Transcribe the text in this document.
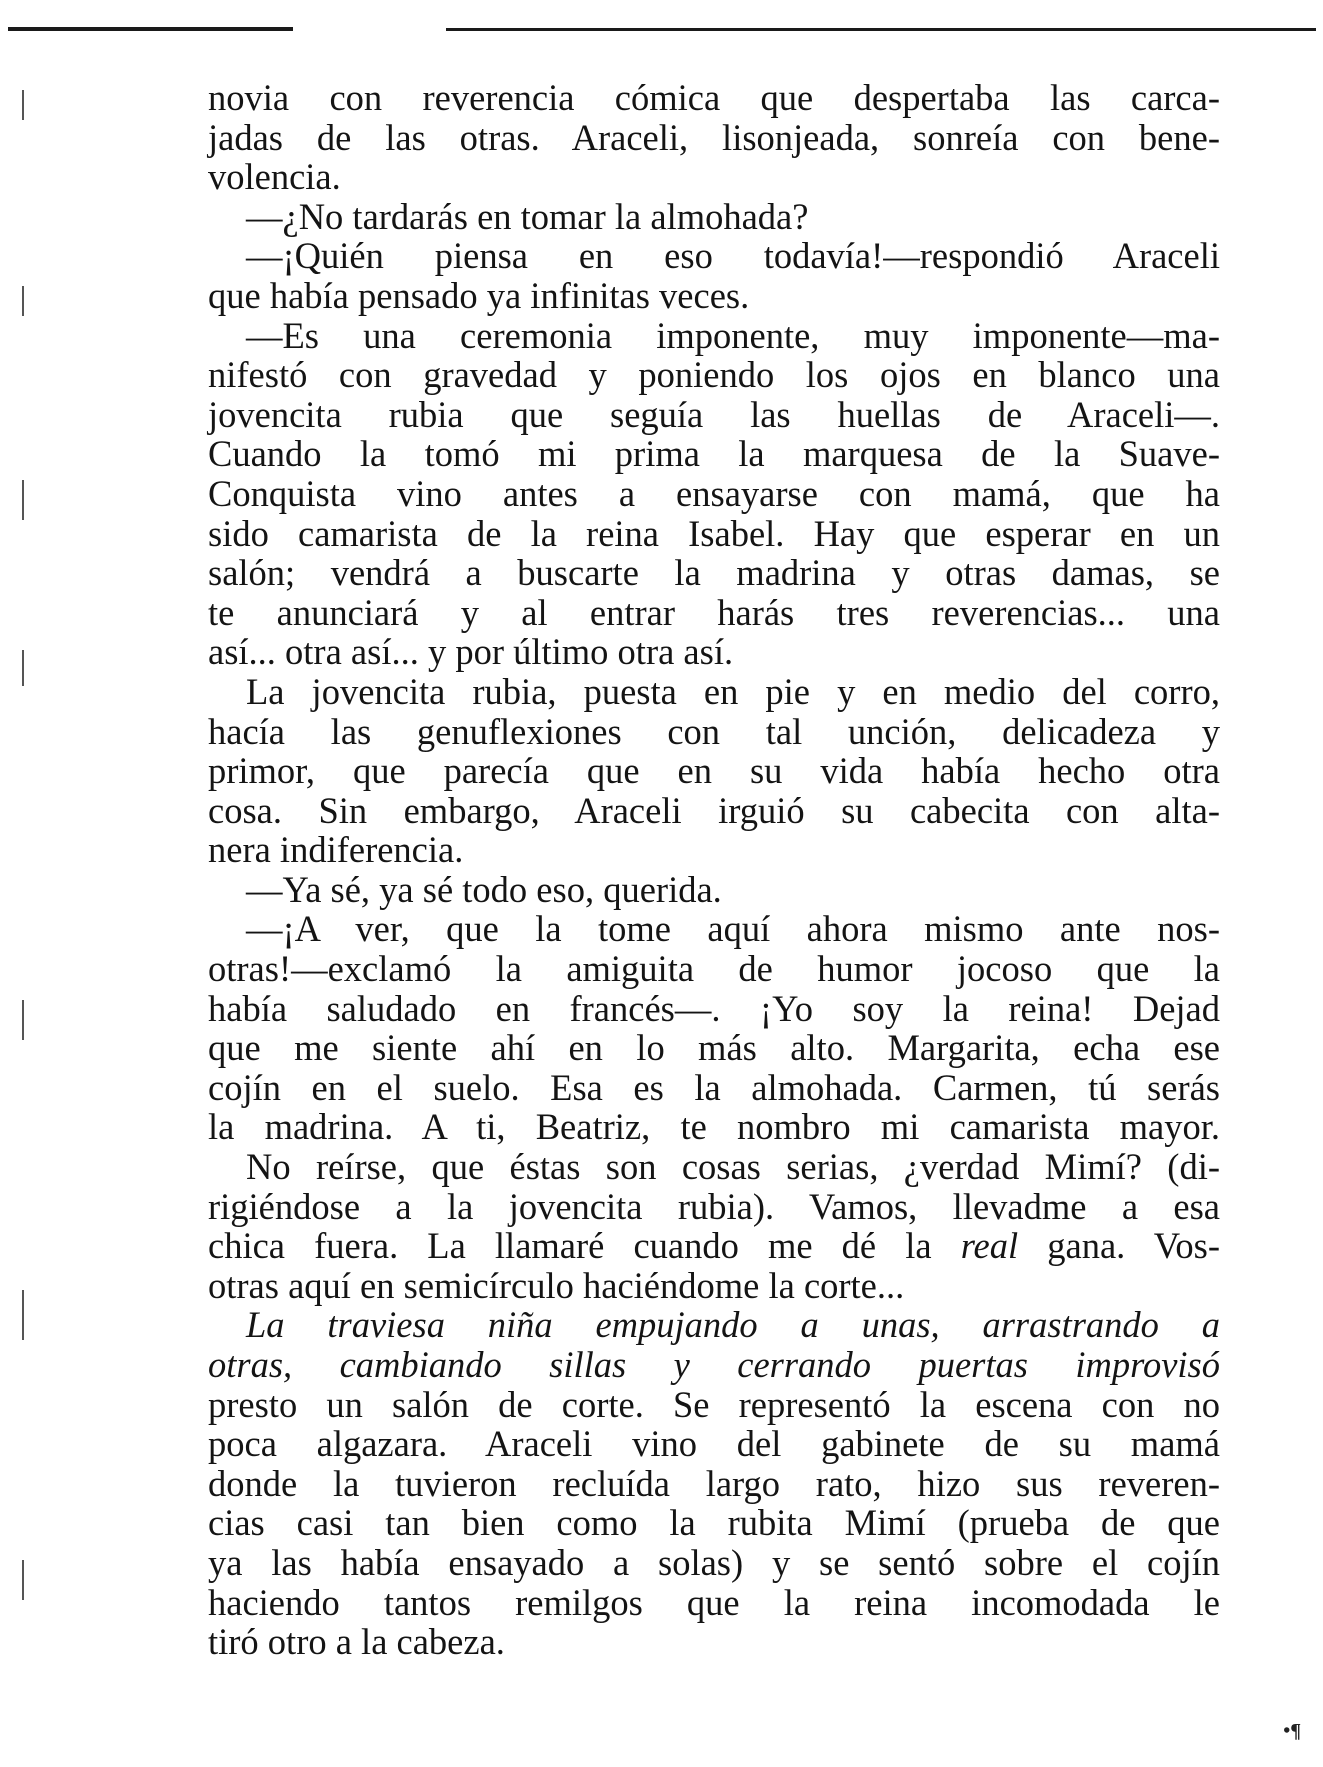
novia con reverencia cómica que despertaba las carca-
jadas de las otras. Araceli, lisonjeada, sonreía con bene-
volencia.
—¿No tardarás en tomar la almohada?
—¡Quién piensa en eso todavía!—respondió Araceli
que había pensado ya infinitas veces.
—Es una ceremonia imponente, muy imponente—ma-
nifestó con gravedad y poniendo los ojos en blanco una
jovencita rubia que seguía las huellas de Araceli—.
Cuando la tomó mi prima la marquesa de la Suave-
Conquista vino antes a ensayarse con mamá, que ha
sido camarista de la reina Isabel. Hay que esperar en un
salón; vendrá a buscarte la madrina y otras damas, se
te anunciará y al entrar harás tres reverencias... una
así... otra así... y por último otra así.
La jovencita rubia, puesta en pie y en medio del corro,
hacía las genuflexiones con tal unción, delicadeza y
primor, que parecía que en su vida había hecho otra
cosa. Sin embargo, Araceli irguió su cabecita con alta-
nera indiferencia.
—Ya sé, ya sé todo eso, querida.
—¡A ver, que la tome aquí ahora mismo ante nos-
otras!—exclamó la amiguita de humor jocoso que la
había saludado en francés—. ¡Yo soy la reina! Dejad
que me siente ahí en lo más alto. Margarita, echa ese
cojín en el suelo. Esa es la almohada. Carmen, tú serás
la madrina. A ti, Beatriz, te nombro mi camarista mayor.
No reírse, que éstas son cosas serias, ¿verdad Mimí? (di-
rigiéndose a la jovencita rubia). Vamos, llevadme a esa
chica fuera. La llamaré cuando me dé la real gana. Vos-
otras aquí en semicírculo haciéndome la corte...
La traviesa niña empujando a unas, arrastrando a
otras, cambiando sillas y cerrando puertas improvisó
presto un salón de corte. Se representó la escena con no
poca algazara. Araceli vino del gabinete de su mamá
donde la tuvieron recluída largo rato, hizo sus reveren-
cias casi tan bien como la rubita Mimí (prueba de que
ya las había ensayado a solas) y se sentó sobre el cojín
haciendo tantos remilgos que la reina incomodada le
tiró otro a la cabeza.
•¶
